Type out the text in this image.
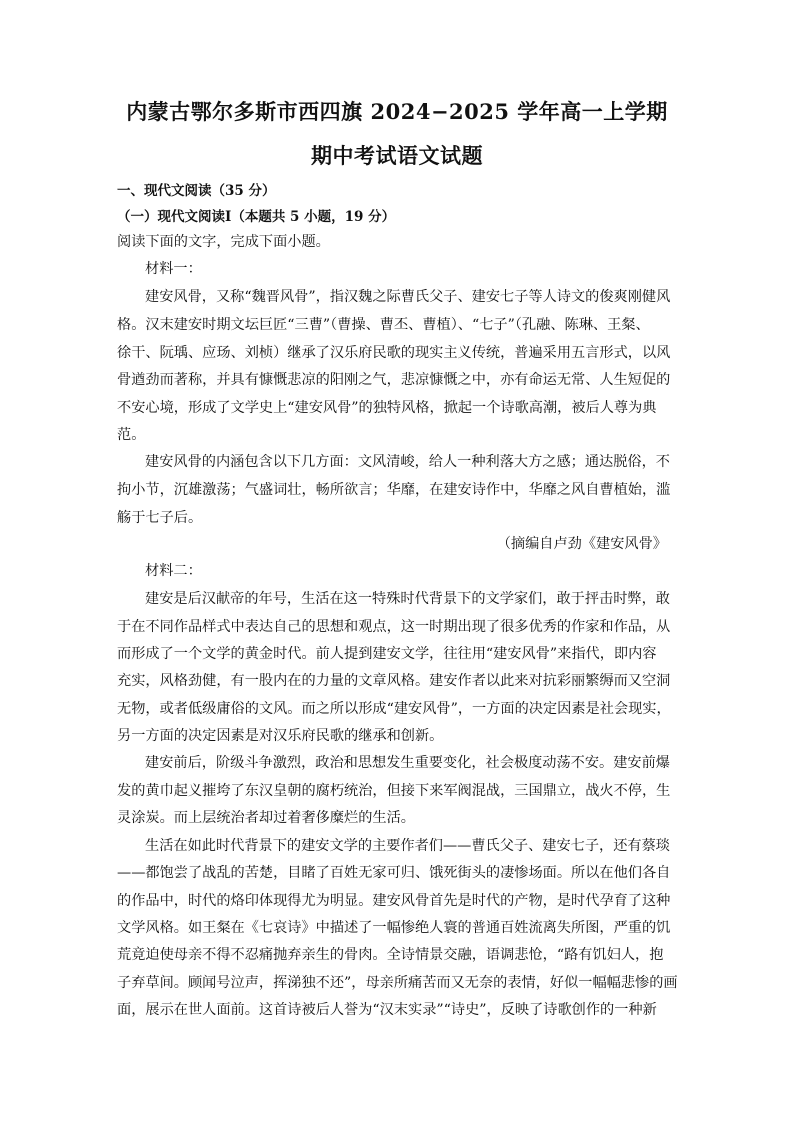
内蒙古鄂尔多斯市西四旗 2024−2025 学年高一上学期
期中考试语文试题
一、现代文阅读（35 分）
（一）现代文阅读Ⅰ（本题共 5 小题，19 分）
阅读下面的文字，完成下面小题。
材料一：
建安风骨，又称“魏晋风骨”，指汉魏之际曹氏父子、建安七子等人诗文的俊爽刚健风
格。汉末建安时期文坛巨匠“三曹”（曹操、曹丕、曹植）、“七子”（孔融、陈琳、王粲、
徐干、阮瑀、应玚、刘桢）继承了汉乐府民歌的现实主义传统，普遍采用五言形式，以风
骨遒劲而著称，并具有慷慨悲凉的阳刚之气，悲凉慷慨之中，亦有命运无常、人生短促的
不安心境，形成了文学史上“建安风骨”的独特风格，掀起一个诗歌高潮，被后人尊为典
范。
建安风骨的内涵包含以下几方面：文风清峻，给人一种利落大方之感；通达脱俗，不
拘小节，沉雄激荡；气盛词壮，畅所欲言；华靡，在建安诗作中，华靡之风自曹植始，滥
觞于七子后。
（摘编自卢劲《建安风骨》
材料二：
建安是后汉献帝的年号，生活在这一特殊时代背景下的文学家们，敢于抨击时弊，敢
于在不同作品样式中表达自己的思想和观点，这一时期出现了很多优秀的作家和作品，从
而形成了一个文学的黄金时代。前人提到建安文学，往往用“建安风骨”来指代，即内容
充实，风格劲健，有一股内在的力量的文章风格。建安作者以此来对抗彩丽繁缛而又空洞
无物，或者低级庸俗的文风。而之所以形成“建安风骨”，一方面的决定因素是社会现实，
另一方面的决定因素是对汉乐府民歌的继承和创新。
建安前后，阶级斗争激烈，政治和思想发生重要变化，社会极度动荡不安。建安前爆
发的黄巾起义摧垮了东汉皇朝的腐朽统治，但接下来军阀混战，三国鼎立，战火不停，生
灵涂炭。而上层统治者却过着奢侈糜烂的生活。
生活在如此时代背景下的建安文学的主要作者们——曹氏父子、建安七子，还有蔡琰
——都饱尝了战乱的苦楚，目睹了百姓无家可归、饿死街头的凄惨场面。所以在他们各自
的作品中，时代的烙印体现得尤为明显。建安风骨首先是时代的产物，是时代孕育了这种
文学风格。如王粲在《七哀诗》中描述了一幅惨绝人寰的普通百姓流离失所图，严重的饥
荒竟迫使母亲不得不忍痛抛弃亲生的骨肉。全诗情景交融，语调悲怆，“路有饥妇人，抱
子弃草间。顾闻号泣声，挥涕独不还”，母亲所痛苦而又无奈的表情，好似一幅幅悲惨的画
面，展示在世人面前。这首诗被后人誉为“汉末实录”“诗史”，反映了诗歌创作的一种新
